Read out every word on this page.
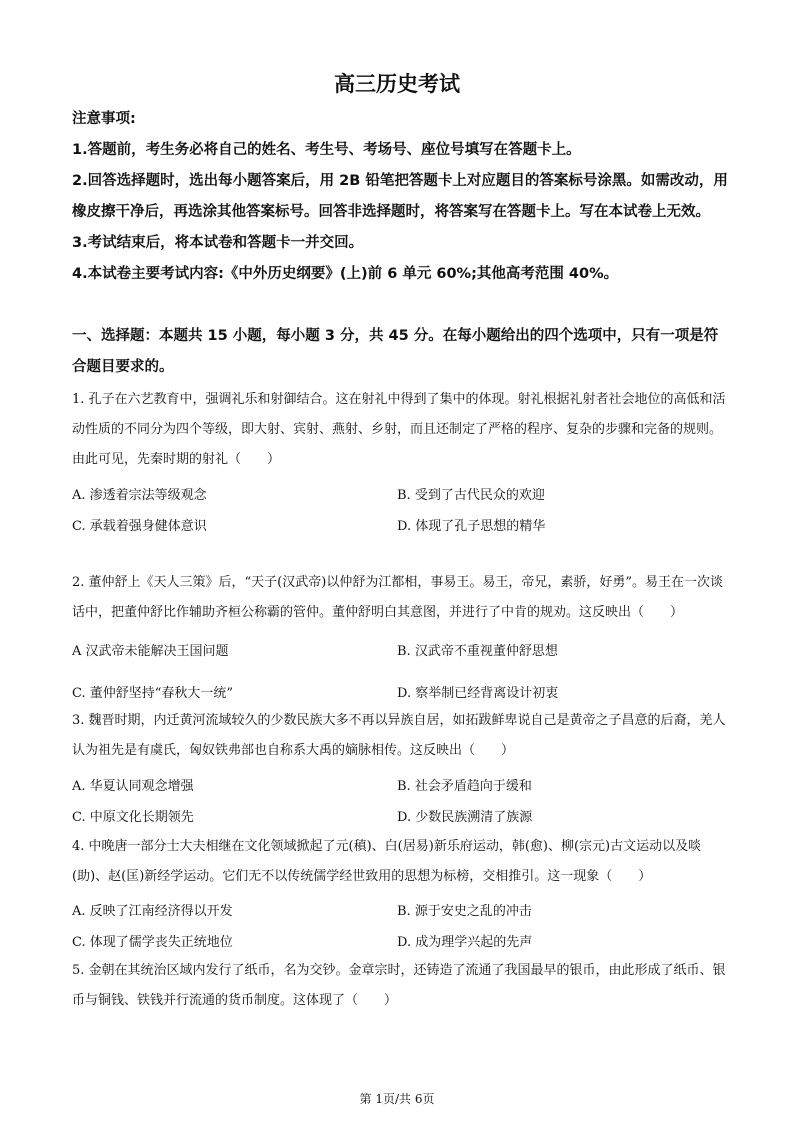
高三历史考试
注意事项:
1.答题前，考生务必将自己的姓名、考生号、考场号、座位号填写在答题卡上。
2.回答选择题时，选出每小题答案后，用 2B 铅笔把答题卡上对应题目的答案标号涂黑。如需改动，用橡皮擦干净后，再选涂其他答案标号。回答非选择题时，将答案写在答题卡上。写在本试卷上无效。
3.考试结束后，将本试卷和答题卡一并交回。
4.本试卷主要考试内容:《中外历史纲要》(上)前 6 单元 60%;其他高考范围 40%。
一、选择题：本题共 15 小题，每小题 3 分，共 45 分。在每小题给出的四个选项中，只有一项是符合题目要求的。
1. 孔子在六艺教育中，强调礼乐和射御结合。这在射礼中得到了集中的体现。射礼根据礼射者社会地位的高低和活动性质的不同分为四个等级，即大射、宾射、燕射、乡射，而且还制定了严格的程序、复杂的步骤和完备的规则。由此可见，先秦时期的射礼（　　）
A. 渗透着宗法等级观念	B. 受到了古代民众的欢迎
C. 承载着强身健体意识	D. 体现了孔子思想的精华
2. 董仲舒上《天人三策》后，“天子(汉武帝)以仲舒为江都相，事易王。易王，帝兄，素骄，好勇”。易王在一次谈话中，把董仲舒比作辅助齐桓公称霸的管仲。董仲舒明白其意图，并进行了中肯的规劝。这反映出（　　）
A 汉武帝未能解决王国问题	B. 汉武帝不重视董仲舒思想
C. 董仲舒坚持“春秋大一统”	D. 察举制已经背离设计初衷
3. 魏晋时期，内迁黄河流域较久的少数民族大多不再以异族自居，如拓跋鲜卑说自己是黄帝之子昌意的后裔，羌人认为祖先是有虞氏，匈奴铁弗部也自称系大禹的嫡脉相传。这反映出（　　）
A. 华夏认同观念增强	B. 社会矛盾趋向于缓和
C. 中原文化长期领先	D. 少数民族溯清了族源
4. 中晚唐一部分士大夫相继在文化领域掀起了元(稹)、白(居易)新乐府运动，韩(愈)、柳(宗元)古文运动以及啖(助)、赵(匡)新经学运动。它们无不以传统儒学经世致用的思想为标榜，交相推引。这一现象（　　）
A. 反映了江南经济得以开发	B. 源于安史之乱的冲击
C. 体现了儒学丧失正统地位	D. 成为理学兴起的先声
5. 金朝在其统治区域内发行了纸币，名为交钞。金章宗时，还铸造了流通了我国最早的银币，由此形成了纸币、银币与铜钱、铁钱并行流通的货币制度。这体现了（　　）
第 1页/共 6页
